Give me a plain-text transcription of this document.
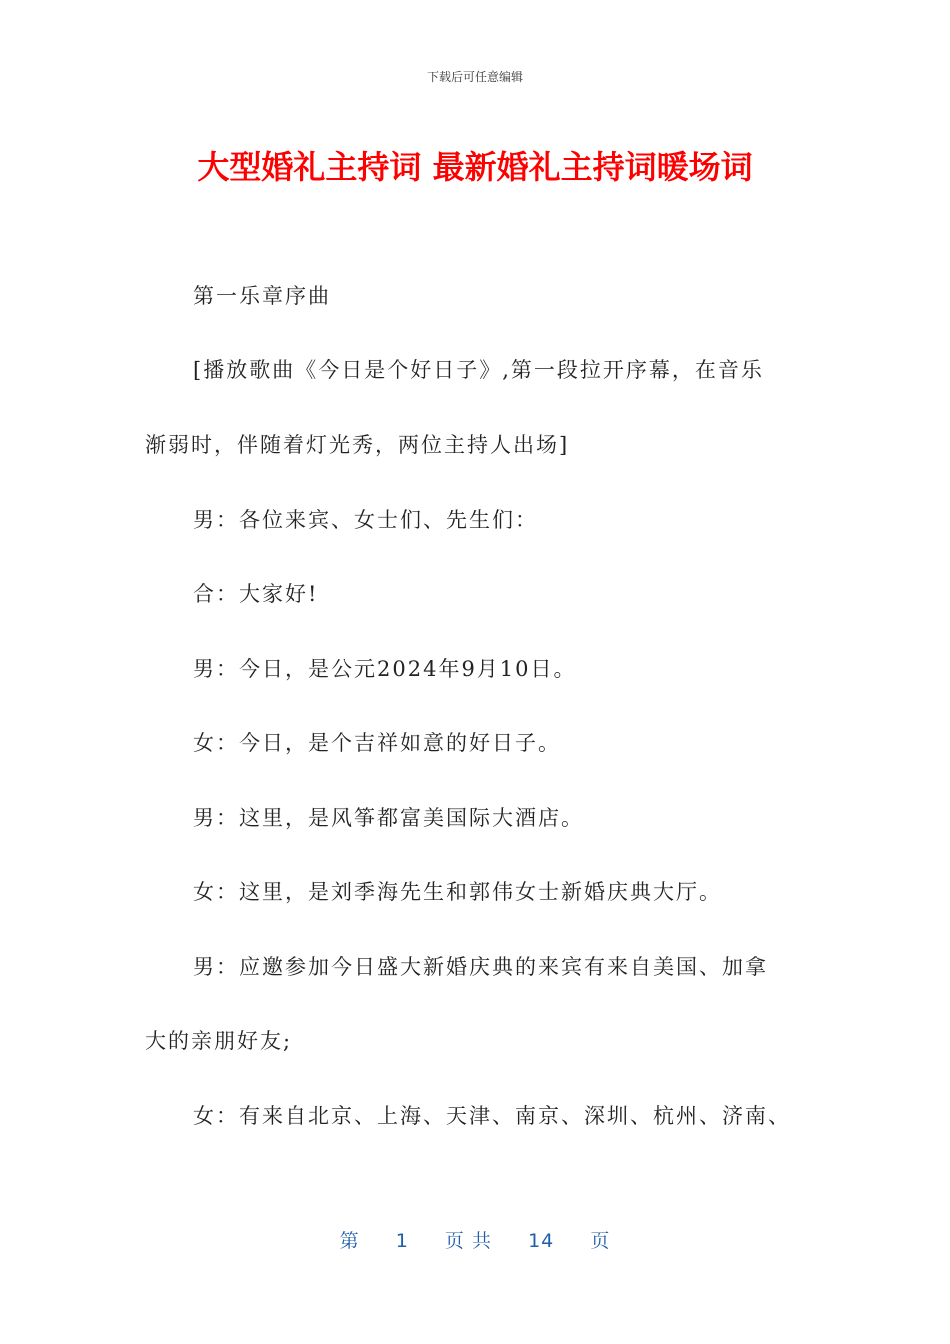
下载后可任意编辑
大型婚礼主持词 最新婚礼主持词暖场词
第一乐章序曲
[播放歌曲《今日是个好日子》,第一段拉开序幕，在音乐
渐弱时，伴随着灯光秀，两位主持人出场]
男：各位来宾、女士们、先生们：
合：大家好!
男：今日，是公元2024年9月10日。
女：今日，是个吉祥如意的好日子。
男：这里，是风筝都富美国际大酒店。
女：这里，是刘季海先生和郭伟女士新婚庆典大厅。
男：应邀参加今日盛大新婚庆典的来宾有来自美国、加拿
大的亲朋好友;
女：有来自北京、上海、天津、南京、深圳、杭州、济南、
第 1 页 共 14 页
